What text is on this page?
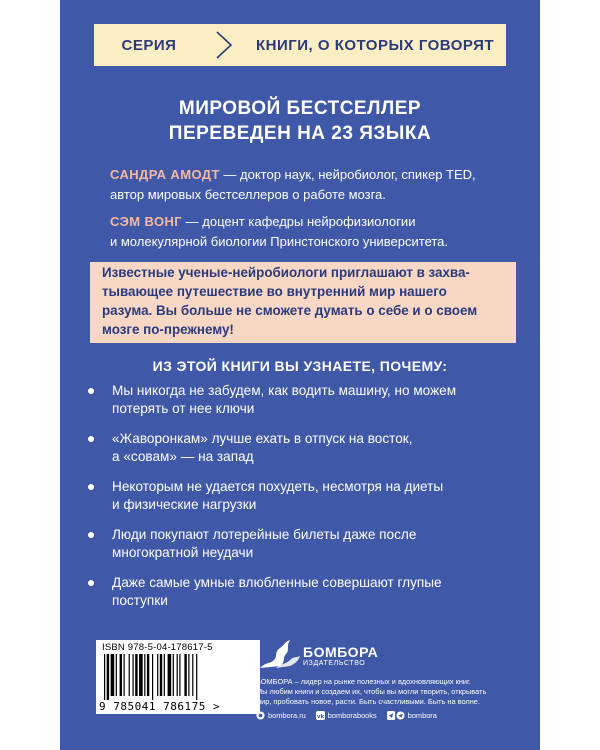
СЕРИЯ	КНИГИ, О КОТОРЫХ ГОВОРЯТ
МИРОВОЙ БЕСТСЕЛЛЕР
ПЕРЕВЕДЕН НА 23 ЯЗЫКА
САНДРА АМОДТ — доктор наук, нейробиолог, спикер TED,
автор мировых бестселлеров о работе мозга.
СЭМ ВОНГ — доцент кафедры нейрофизиологии
и молекулярной биологии Принстонского университета.
Известные ученые-нейробиологи приглашают в захва-
тывающее путешествие во внутренний мир нашего
разума. Вы больше не сможете думать о себе и о своем
мозге по-прежнему!
ИЗ ЭТОЙ КНИГИ ВЫ УЗНАЕТЕ, ПОЧЕМУ:
Мы никогда не забудем, как водить машину, но можем
потерять от нее ключи
«Жаворонкам» лучше ехать в отпуск на восток,
а «совам» — на запад
Некоторым не удается похудеть, несмотря на диеты
и физические нагрузки
Люди покупают лотерейные билеты даже после
многократной неудачи
Даже самые умные влюбленные совершают глупые
поступки
ISBN 978-5-04-178617-5
9 785041 786175 >
БОМБОРА
ИЗДАТЕЛЬСТВО
БОМБОРА – лидер на рынке полезных и вдохновляющих книг.
Мы любим книги и создаем их, чтобы вы могли творить, открывать
мир, пробовать новое, расти. Быть счастливыми. Быть на волне.
bombora.ru vk bomborabooks	bombora
